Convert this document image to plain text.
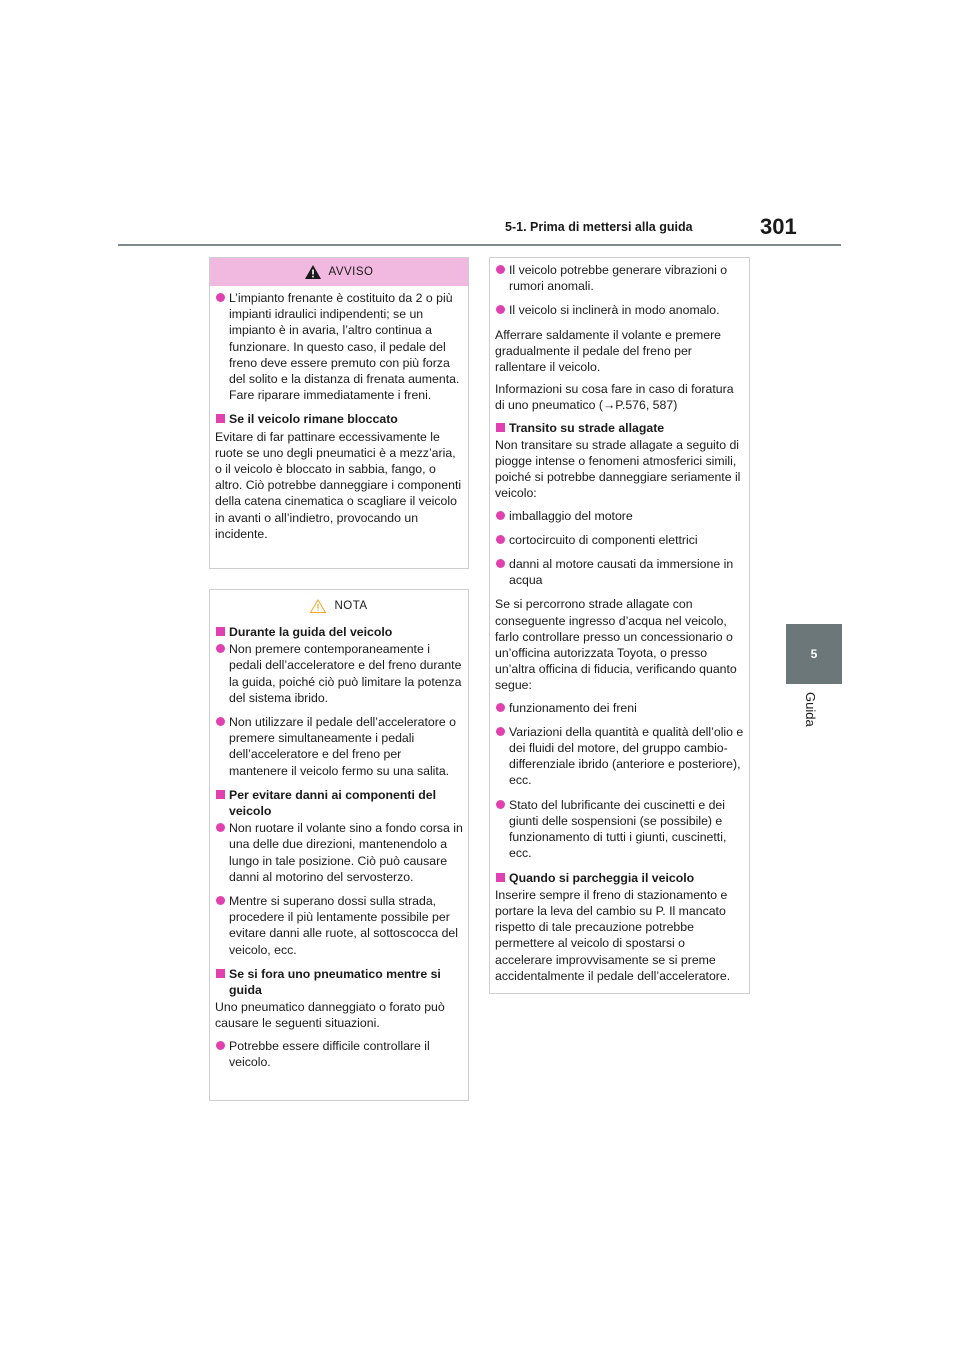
5-1. Prima di mettersi alla guida	301
5
Guida
AVVISO
L’impianto frenante è costituito da 2 o più impianti idraulici indipendenti; se un impianto è in avaria, l’altro continua a funzionare. In questo caso, il pedale del freno deve essere premuto con più forza del solito e la distanza di frenata aumenta. Fare riparare immediatamente i freni.
Se il veicolo rimane bloccato
Evitare di far pattinare eccessivamente le ruote se uno degli pneumatici è a mezz’aria, o il veicolo è bloccato in sabbia, fango, o altro. Ciò potrebbe danneggiare i componenti della catena cinematica o scagliare il veicolo in avanti o all’indietro, provocando un incidente.
NOTA
Durante la guida del veicolo
Non premere contemporaneamente i pedali dell’acceleratore e del freno durante la guida, poiché ciò può limitare la potenza del sistema ibrido.
Non utilizzare il pedale dell’acceleratore o premere simultaneamente i pedali dell’acceleratore e del freno per mantenere il veicolo fermo su una salita.
Per evitare danni ai componenti del veicolo
Non ruotare il volante sino a fondo corsa in una delle due direzioni, mantenendolo a lungo in tale posizione. Ciò può causare danni al motorino del servosterzo.
Mentre si superano dossi sulla strada, procedere il più lentamente possibile per evitare danni alle ruote, al sottoscocca del veicolo, ecc.
Se si fora uno pneumatico mentre si guida
Uno pneumatico danneggiato o forato può causare le seguenti situazioni.
Potrebbe essere difficile controllare il veicolo.
Il veicolo potrebbe generare vibrazioni o rumori anomali.
Il veicolo si inclinerà in modo anomalo.
Afferrare saldamente il volante e premere gradualmente il pedale del freno per rallentare il veicolo.
Informazioni su cosa fare in caso di foratura di uno pneumatico (→P.576, 587)
Transito su strade allagate
Non transitare su strade allagate a seguito di piogge intense o fenomeni atmosferici simili, poiché si potrebbe danneggiare seriamente il veicolo:
imballaggio del motore
cortocircuito di componenti elettrici
danni al motore causati da immersione in acqua
Se si percorrono strade allagate con conseguente ingresso d’acqua nel veicolo, farlo controllare presso un concessionario o un’officina autorizzata Toyota, o presso un’altra officina di fiducia, verificando quanto segue:
funzionamento dei freni
Variazioni della quantità e qualità dell’olio e dei fluidi del motore, del gruppo cambio-differenziale ibrido (anteriore e posteriore), ecc.
Stato del lubrificante dei cuscinetti e dei giunti delle sospensioni (se possibile) e funzionamento di tutti i giunti, cuscinetti, ecc.
Quando si parcheggia il veicolo
Inserire sempre il freno di stazionamento e portare la leva del cambio su P. Il mancato rispetto di tale precauzione potrebbe permettere al veicolo di spostarsi o accelerare improvvisamente se si preme accidentalmente il pedale dell’acceleratore.
